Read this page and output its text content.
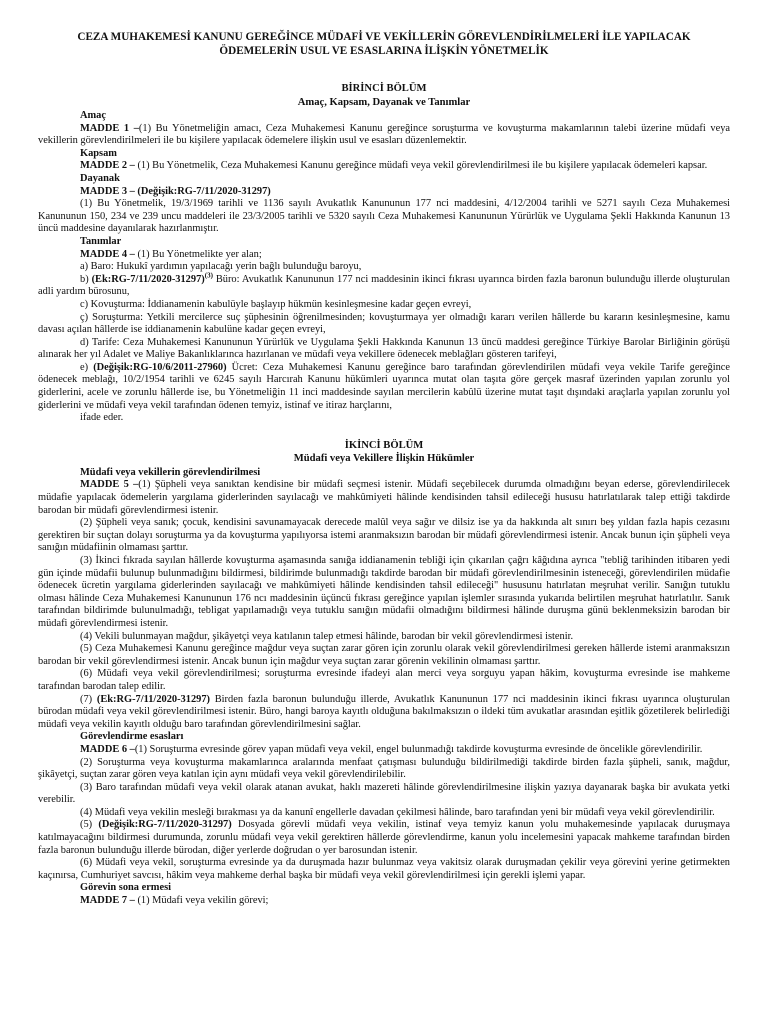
CEZA MUHAKEMESİ KANUNU GEREĞİNCE MÜDAFİ VE VEKİLLERİN GÖREVLENDİRİLMELERİ İLE YAPILACAK ÖDEMELERİN USUL VE ESASLARINA İLİŞKİN YÖNETMELİK
BİRİNCİ BÖLÜM
Amaç, Kapsam, Dayanak ve Tanımlar
Amaç

MADDE 1 –(1) Bu Yönetmeliğin amacı, Ceza Muhakemesi Kanunu gereğince soruşturma ve kovuşturma makamlarının talebi üzerine müdafi veya vekillerin görevlendirilmeleri ile bu kişilere yapılacak ödemelere ilişkin usul ve esasları düzenlemektir.

Kapsam

MADDE 2 – (1) Bu Yönetmelik, Ceza Muhakemesi Kanunu gereğince müdafi veya vekil görevlendirilmesi ile bu kişilere yapılacak ödemeleri kapsar.

Dayanak

MADDE 3 – (Değişik:RG-7/11/2020-31297)

(1) Bu Yönetmelik, 19/3/1969 tarihli ve 1136 sayılı Avukatlık Kanununun 177 nci maddesini, 4/12/2004 tarihli ve 5271 sayılı Ceza Muhakemesi Kanununun 150, 234 ve 239 uncu maddeleri ile 23/3/2005 tarihli ve 5320 sayılı Ceza Muhakemesi Kanununun Yürürlük ve Uygulama Şekli Hakkında Kanunun 13 üncü maddesine dayanılarak hazırlanmıştır.

Tanımlar

MADDE 4 – (1) Bu Yönetmelikte yer alan;

a) Baro: Hukukî yardımın yapılacağı yerin bağlı bulunduğu baroyu,

b) (Ek:RG-7/11/2020-31297)$^{(3)}$ Büro: Avukatlık Kanununun 177 nci maddesinin ikinci fıkrası uyarınca birden fazla baronun bulunduğu illerde oluşturulan adli yardım bürosunu,

c) Kovuşturma: İddianamenin kabulüyle başlayıp hükmün kesinleşmesine kadar geçen evreyi,

ç) Soruşturma: Yetkili mercilerce suç şüphesinin öğrenilmesinden; kovuşturmaya yer olmadığı kararı verilen hâllerde bu kararın kesinleşmesine, kamu davası açılan hâllerde ise iddianamenin kabulüne kadar geçen evreyi,

d) Tarife: Ceza Muhakemesi Kanununun Yürürlük ve Uygulama Şekli Hakkında Kanunun 13 üncü maddesi gereğince Türkiye Barolar Birliğinin görüşü alınarak her yıl Adalet ve Maliye Bakanlıklarınca hazırlanan ve müdafi veya vekillere ödenecek meblağları gösteren tarifeyi,

e) (Değişik:RG-10/6/2011-27960) Ücret: Ceza Muhakemesi Kanunu gereğince baro tarafından görevlendirilen müdafi veya vekile Tarife gereğince ödenecek meblağı, 10/2/1954 tarihli ve 6245 sayılı Harcırah Kanunu hükümleri uyarınca mutat olan taşıta göre gerçek masraf üzerinden yapılan zorunlu yol giderlerini, acele ve zorunlu hâllerde ise, bu Yönetmeliğin 11 inci maddesinde sayılan mercilerin kabûlü üzerine mutat taşıt dışındaki araçlarla yapılan zorunlu yol giderlerini ve müdafi veya vekil tarafından ödenen temyiz, istinaf ve itiraz harçlarını,

ifade eder.

İKİNCİ BÖLÜM
Müdafi veya Vekillere İlişkin Hükümler
Müdafi veya vekillerin görevlendirilmesi

MADDE 5 –(1) Şüpheli veya sanıktan kendisine bir müdafi seçmesi istenir. Müdafi seçebilecek durumda olmadığını beyan ederse, görevlendirilecek müdafie yapılacak ödemelerin yargılama giderlerinden sayılacağı ve mahkûmiyeti hâlinde kendisinden tahsil edileceği hususu hatırlatılarak talep ettiği takdirde barodan bir müdafi görevlendirmesi istenir.

(2) Şüpheli veya sanık; çocuk, kendisini savunamayacak derecede malûl veya sağır ve dilsiz ise ya da hakkında alt sınırı beş yıldan fazla hapis cezasını gerektiren bir suçtan dolayı soruşturma ya da kovuşturma yapılıyorsa istemi aranmaksızın barodan bir müdafi görevlendirmesi istenir. Ancak bunun için şüpheli veya sanığın müdafiinin olmaması şarttır.

(3) İkinci fıkrada sayılan hâllerde kovuşturma aşamasında sanığa iddianamenin tebliği için çıkarılan çağrı kâğıdına ayrıca "tebliğ tarihinden itibaren yedi gün içinde müdafii bulunup bulunmadığını bildirmesi, bildirimde bulunmadığı takdirde barodan bir müdafi görevlendirilmesinin isteneceği, görevlendirilen müdafie ödenecek ücretin yargılama giderlerinden sayılacağı ve mahkûmiyeti hâlinde kendisinden tahsil edileceği" hususunu hatırlatan meşruhat verilir. Sanığın tutuklu olması hâlinde Ceza Muhakemesi Kanununun 176 ncı maddesinin üçüncü fıkrası gereğince yapılan işlemler sırasında yukarıda belirtilen meşruhat hatırlatılır. Sanık tarafından bildirimde bulunulmadığı, tebligat yapılamadığı veya tutuklu sanığın müdafii olmadığını bildirmesi hâlinde duruşma günü beklenmeksizin barodan bir müdafi görevlendirmesi istenir.

(4) Vekili bulunmayan mağdur, şikâyetçi veya katılanın talep etmesi hâlinde, barodan bir vekil görevlendirmesi istenir.

(5) Ceza Muhakemesi Kanunu gereğince mağdur veya suçtan zarar gören için zorunlu olarak vekil görevlendirilmesi gereken hâllerde istemi aranmaksızın barodan bir vekil görevlendirmesi istenir. Ancak bunun için mağdur veya suçtan zarar görenin vekilinin olmaması şarttır.

(6) Müdafi veya vekil görevlendirilmesi; soruşturma evresinde ifadeyi alan merci veya sorguyu yapan hâkim, kovuşturma evresinde ise mahkeme tarafından barodan talep edilir.

(7) (Ek:RG-7/11/2020-31297) Birden fazla baronun bulunduğu illerde, Avukatlık Kanununun 177 nci maddesinin ikinci fıkrası uyarınca oluşturulan bürodan müdafi veya vekil görevlendirilmesi istenir. Büro, hangi baroya kayıtlı olduğuna bakılmaksızın o ildeki tüm avukatlar arasından eşitlik gözetilerek belirlediği müdafi veya vekilin kayıtlı olduğu baro tarafından görevlendirilmesini sağlar.

Görevlendirme esasları

MADDE 6 –(1) Soruşturma evresinde görev yapan müdafi veya vekil, engel bulunmadığı takdirde kovuşturma evresinde de öncelikle görevlendirilir.

(2) Soruşturma veya kovuşturma makamlarınca aralarında menfaat çatışması bulunduğu bildirilmediği takdirde birden fazla şüpheli, sanık, mağdur, şikâyetçi, suçtan zarar gören veya katılan için aynı müdafi veya vekil görevlendirilebilir.

(3) Baro tarafından müdafi veya vekil olarak atanan avukat, haklı mazereti hâlinde görevlendirilmesine ilişkin yazıya dayanarak başka bir avukata yetki verebilir.

(4) Müdafi veya vekilin mesleği bırakması ya da kanunî engellerle davadan çekilmesi hâlinde, baro tarafından yeni bir müdafi veya vekil görevlendirilir.

(5) (Değişik:RG-7/11/2020-31297) Dosyada görevli müdafi veya vekilin, istinaf veya temyiz kanun yolu muhakemesinde yapılacak duruşmaya katılmayacağını bildirmesi durumunda, zorunlu müdafi veya vekil gerektiren hâllerde görevlendirme, kanun yolu incelemesini yapacak mahkeme tarafından birden fazla baronun bulunduğu illerde bürodan, diğer yerlerde doğrudan o yer barosundan istenir.

(6) Müdafi veya vekil, soruşturma evresinde ya da duruşmada hazır bulunmaz veya vakitsiz olarak duruşmadan çekilir veya görevini yerine getirmekten kaçınırsa, Cumhuriyet savcısı, hâkim veya mahkeme derhal başka bir müdafi veya vekil görevlendirilmesi için gerekli işlemi yapar.

Görevin sona ermesi

MADDE 7 – (1) Müdafi veya vekilin görevi;
